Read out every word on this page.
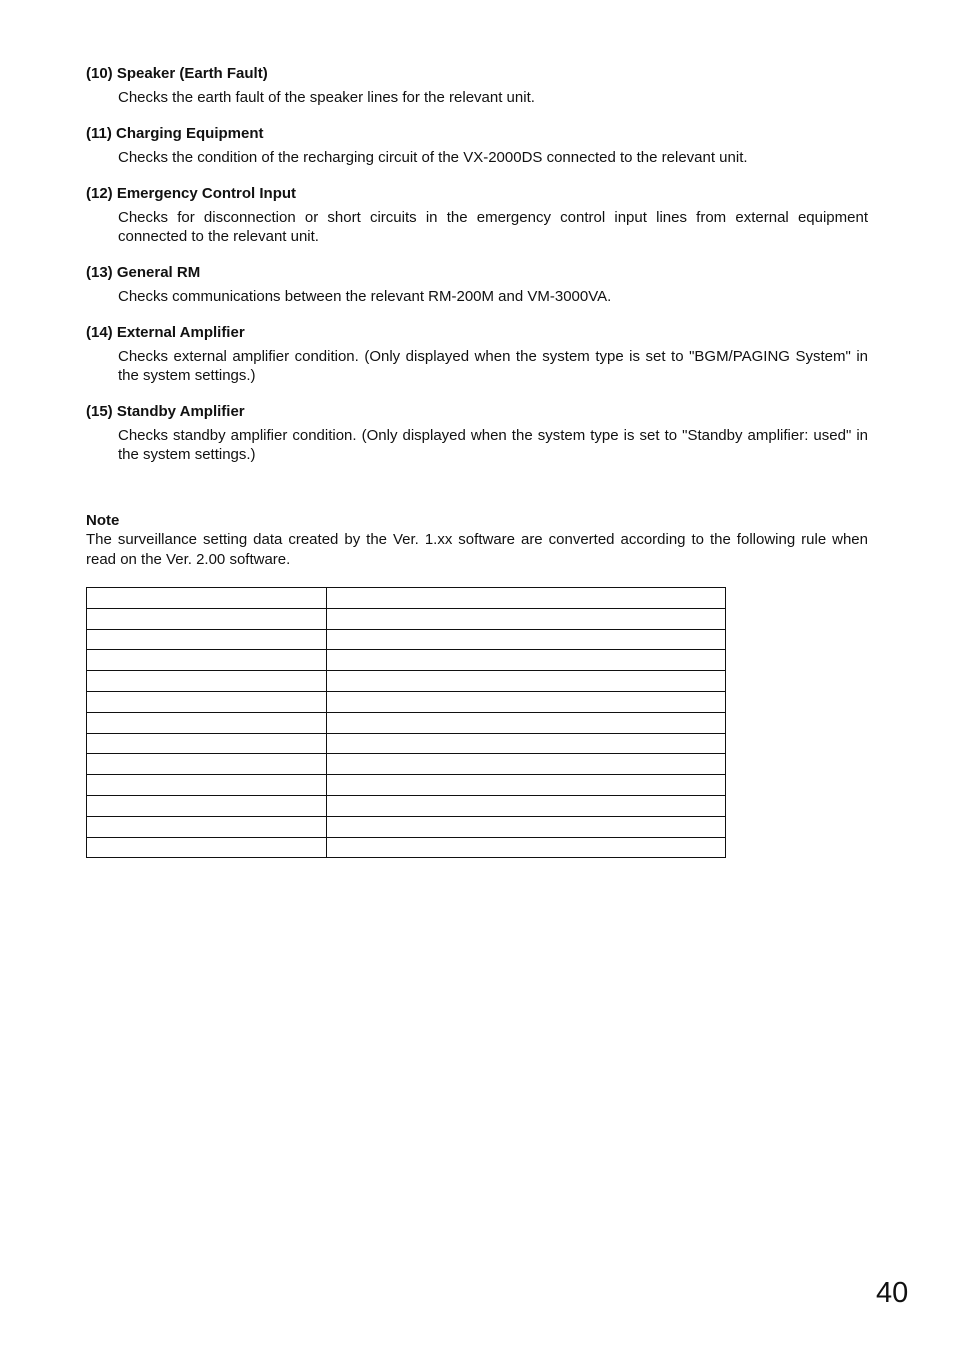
(10) Speaker (Earth Fault)
Checks the earth fault of the speaker lines for the relevant unit.
(11) Charging Equipment
Checks the condition of the recharging circuit of the VX-2000DS connected to the relevant unit.
(12) Emergency Control Input
Checks for disconnection or short circuits in the emergency control input lines from external equipment connected to the relevant unit.
(13) General RM
Checks communications between the relevant RM-200M and VM-3000VA.
(14) External Amplifier
Checks external amplifier condition. (Only displayed when the system type is set to "BGM/PAGING System" in the system settings.)
(15) Standby Amplifier
Checks standby amplifier condition. (Only displayed when the system type is set to "Standby amplifier: used" in the system settings.)
Note
The surveillance setting data created by the Ver. 1.xx software are converted according to the following rule when read on the Ver. 2.00 software.

40
